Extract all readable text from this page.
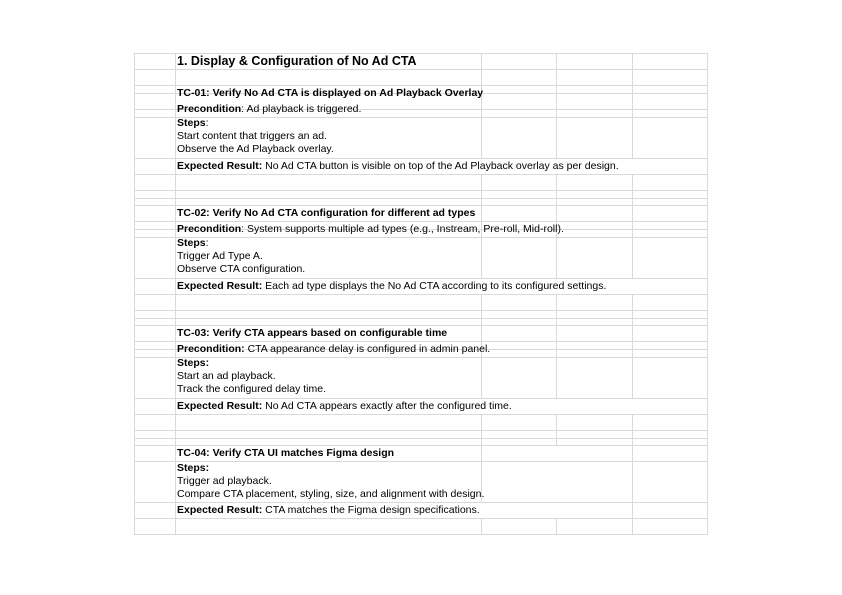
1. Display & Configuration of No Ad CTA
TC-01: Verify No Ad CTA is displayed on Ad Playback Overlay
Precondition: Ad playback is triggered.
Steps:
Start content that triggers an ad.
Observe the Ad Playback overlay.
Expected Result: No Ad CTA button is visible on top of the Ad Playback overlay as per design.
TC-02: Verify No Ad CTA configuration for different ad types
Precondition: System supports multiple ad types (e.g., Instream, Pre-roll, Mid-roll).
Steps:
Trigger Ad Type A.
Observe CTA configuration.
Expected Result: Each ad type displays the No Ad CTA according to its configured settings.
TC-03: Verify CTA appears based on configurable time
Precondition: CTA appearance delay is configured in admin panel.
Steps:
Start an ad playback.
Track the configured delay time.
Expected Result: No Ad CTA appears exactly after the configured time.
TC-04: Verify CTA UI matches Figma design
Steps:
Trigger ad playback.
Compare CTA placement, styling, size, and alignment with design.
Expected Result: CTA matches the Figma design specifications.
